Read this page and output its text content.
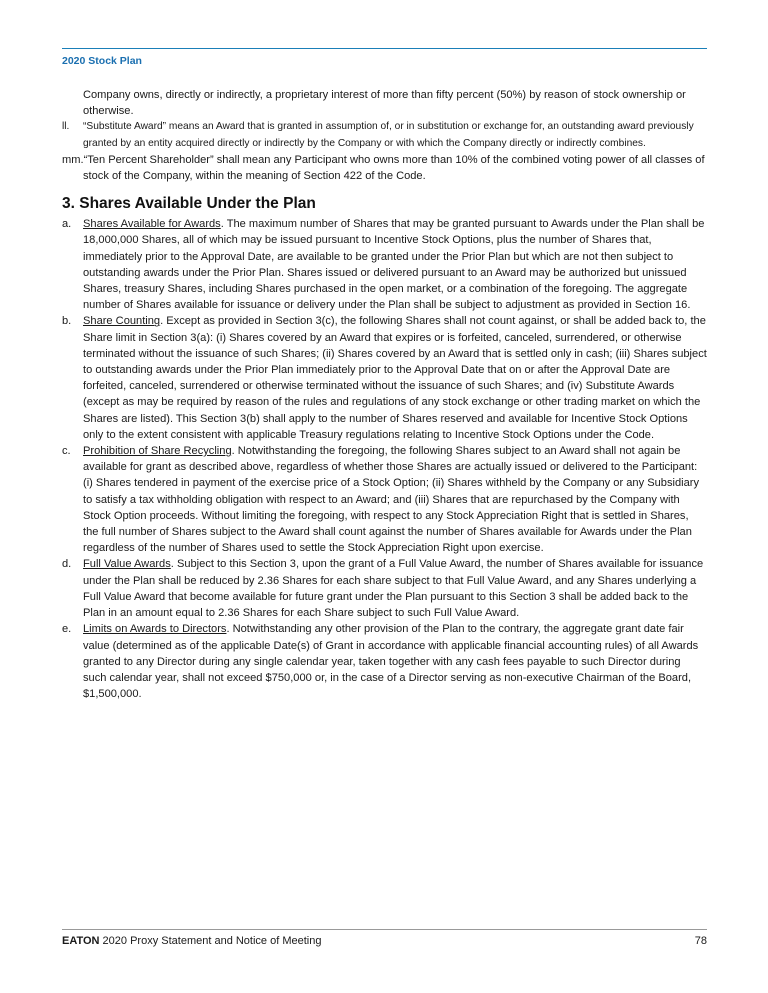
2020 Stock Plan

Company owns, directly or indirectly, a proprietary interest of more than fifty percent (50%) by reason of stock ownership or otherwise.

ll. “Substitute Award” means an Award that is granted in assumption of, or in substitution or exchange for, an outstanding award previously granted by an entity acquired directly or indirectly by the Company or with which the Company directly or indirectly combines.

mm.“Ten Percent Shareholder” shall mean any Participant who owns more than 10% of the combined voting power of all classes of stock of the Company, within the meaning of Section 422 of the Code.

3. Shares Available Under the Plan

a. Shares Available for Awards. The maximum number of Shares that may be granted pursuant to Awards under the Plan shall be 18,000,000 Shares, all of which may be issued pursuant to Incentive Stock Options, plus the number of Shares that, immediately prior to the Approval Date, are available to be granted under the Prior Plan but which are not then subject to outstanding awards under the Prior Plan. Shares issued or delivered pursuant to an Award may be authorized but unissued Shares, treasury Shares, including Shares purchased in the open market, or a combination of the foregoing. The aggregate number of Shares available for issuance or delivery under the Plan shall be subject to adjustment as provided in Section 16.

b. Share Counting. Except as provided in Section 3(c), the following Shares shall not count against, or shall be added back to, the Share limit in Section 3(a): (i) Shares covered by an Award that expires or is forfeited, canceled, surrendered, or otherwise terminated without the issuance of such Shares; (ii) Shares covered by an Award that is settled only in cash; (iii) Shares subject to outstanding awards under the Prior Plan immediately prior to the Approval Date that on or after the Approval Date are forfeited, canceled, surrendered or otherwise terminated without the issuance of such Shares; and (iv) Substitute Awards (except as may be required by reason of the rules and regulations of any stock exchange or other trading market on which the Shares are listed). This Section 3(b) shall apply to the number of Shares reserved and available for Incentive Stock Options only to the extent consistent with applicable Treasury regulations relating to Incentive Stock Options under the Code.

c. Prohibition of Share Recycling. Notwithstanding the foregoing, the following Shares subject to an Award shall not again be available for grant as described above, regardless of whether those Shares are actually issued or delivered to the Participant: (i) Shares tendered in payment of the exercise price of a Stock Option; (ii) Shares withheld by the Company or any Subsidiary to satisfy a tax withholding obligation with respect to an Award; and (iii) Shares that are repurchased by the Company with Stock Option proceeds. Without limiting the foregoing, with respect to any Stock Appreciation Right that is settled in Shares, the full number of Shares subject to the Award shall count against the number of Shares available for Awards under the Plan regardless of the number of Shares used to settle the Stock Appreciation Right upon exercise.

d. Full Value Awards. Subject to this Section 3, upon the grant of a Full Value Award, the number of Shares available for issuance under the Plan shall be reduced by 2.36 Shares for each share subject to that Full Value Award, and any Shares underlying a Full Value Award that become available for future grant under the Plan pursuant to this Section 3 shall be added back to the Plan in an amount equal to 2.36 Shares for each Share subject to such Full Value Award.

e. Limits on Awards to Directors. Notwithstanding any other provision of the Plan to the contrary, the aggregate grant date fair value (determined as of the applicable Date(s) of Grant in accordance with applicable financial accounting rules) of all Awards granted to any Director during any single calendar year, taken together with any cash fees payable to such Director during such calendar year, shall not exceed $750,000 or, in the case of a Director serving as non-executive Chairman of the Board, $1,500,000.

EATON 2020 Proxy Statement and Notice of Meeting	78
